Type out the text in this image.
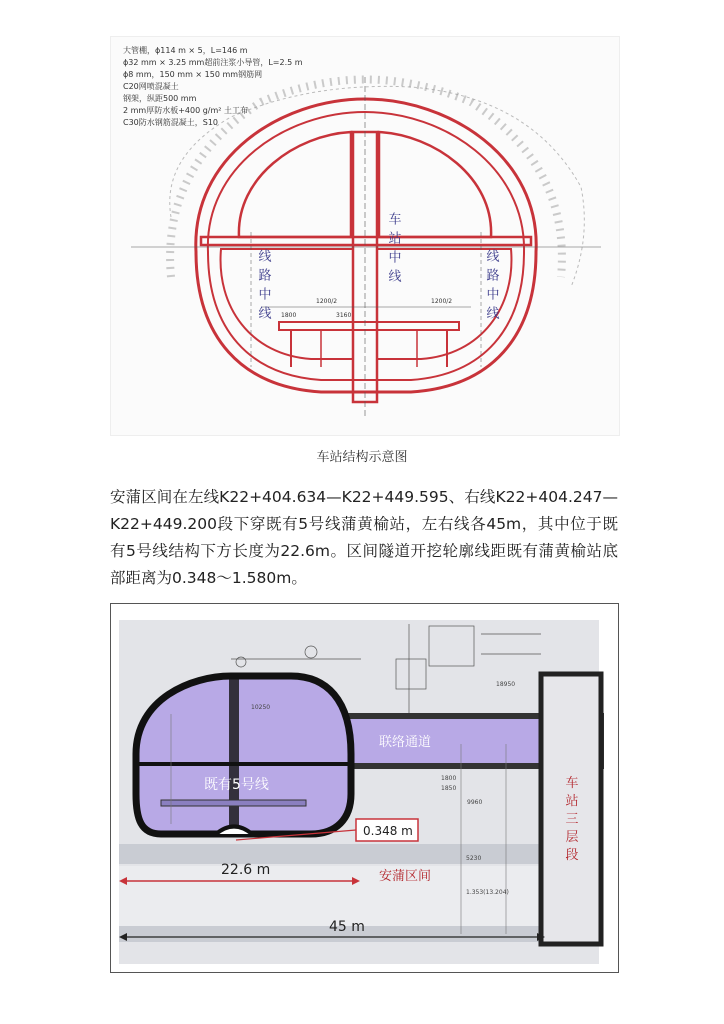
大管棚，ϕ114 m × 5，L=146 m
ϕ32 mm × 3.25 mm超前注浆小导管，L=2.5 m
ϕ8 mm，150 mm × 150 mm钢筋网
C20网喷混凝土
钢架，纵距500 mm
2 mm厚防水板+400 g/m² 土工布
C30防水钢筋混凝土，S10
车站中线
线路中线	线路中线
1200/2
1800	3160
1200/2
车站结构示意图
安蒲区间在左线K22+404.634—K22+449.595、右线K22+404.247—K22+449.200段下穿既有5号线蒲黄榆站，左右线各45m，其中位于既有5号线结构下方长度为22.6m。区间隧道开挖轮廓线距既有蒲黄榆站底部距离为0.348～1.580m。
联络通道
既有5号线
0.348 m
22.6 m	安蒲区间
45 m
车
站
三
层
段
1800
1850
9960
1.353(13.204)
5230
10250
18950
